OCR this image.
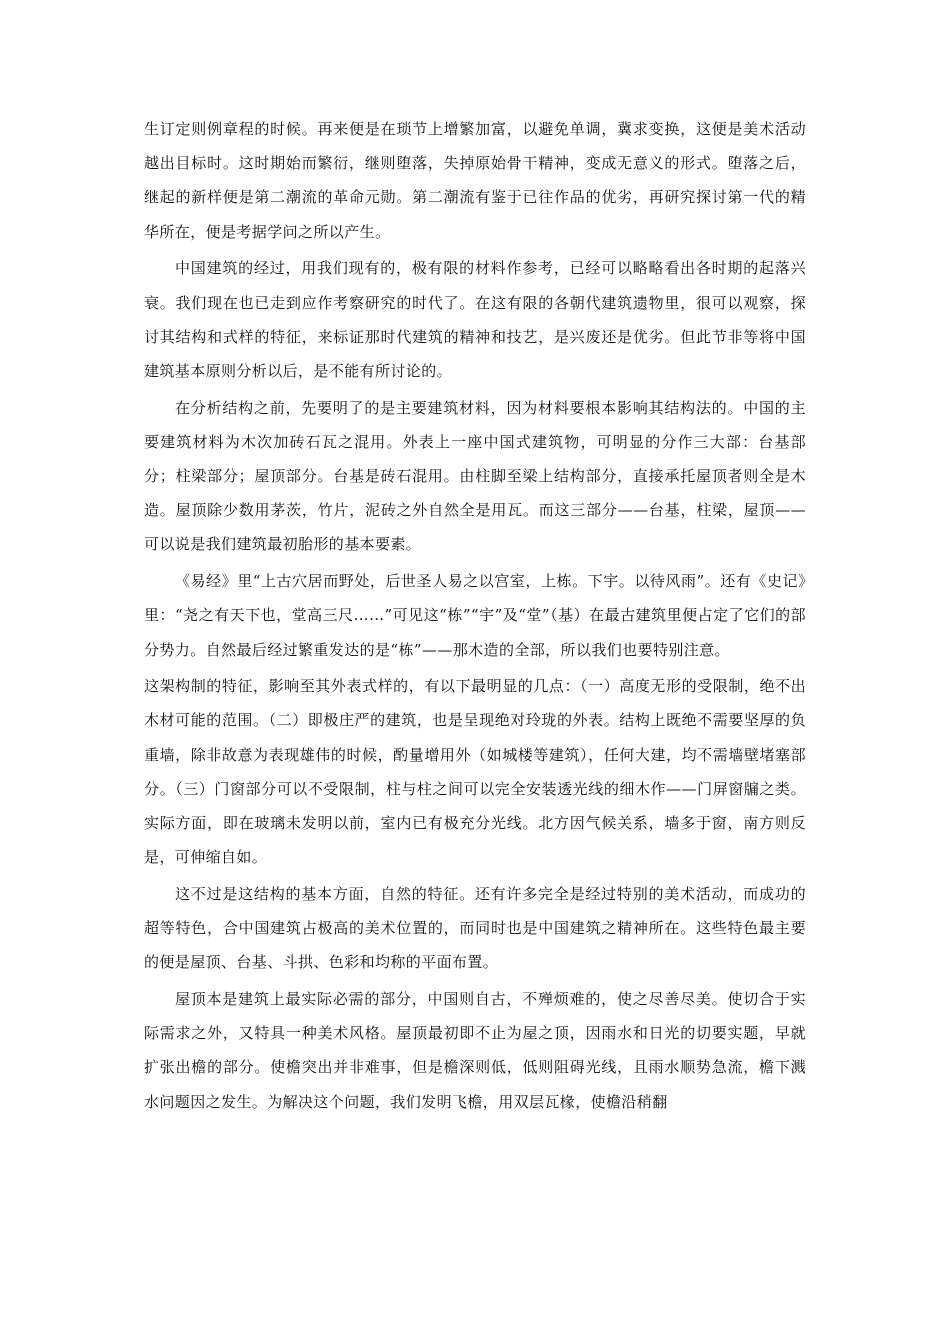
生订定则例章程的时候。再来便是在琐节上增繁加富，以避免单调，冀求变换，这便是美术活动越出目标时。这时期始而繁衍，继则堕落，失掉原始骨干精神，变成无意义的形式。堕落之后，继起的新样便是第二潮流的革命元勋。第二潮流有鉴于已往作品的优劣，再研究探讨第一代的精华所在，便是考据学问之所以产生。

中国建筑的经过，用我们现有的，极有限的材料作参考，已经可以略略看出各时期的起落兴衰。我们现在也已走到应作考察研究的时代了。在这有限的各朝代建筑遗物里，很可以观察，探讨其结构和式样的特征，来标证那时代建筑的精神和技艺，是兴废还是优劣。但此节非等将中国建筑基本原则分析以后，是不能有所讨论的。

在分析结构之前，先要明了的是主要建筑材料，因为材料要根本影响其结构法的。中国的主要建筑材料为木次加砖石瓦之混用。外表上一座中国式建筑物，可明显的分作三大部：台基部分；柱梁部分；屋顶部分。台基是砖石混用。由柱脚至梁上结构部分，直接承托屋顶者则全是木造。屋顶除少数用茅茨，竹片，泥砖之外自然全是用瓦。而这三部分——台基，柱梁，屋顶——可以说是我们建筑最初胎形的基本要素。

《易经》里“上古穴居而野处，后世圣人易之以宫室，上栋。下宇。以待风雨”。还有《史记》里：“尧之有天下也，堂高三尺……”可见这“栋”“宇”及“堂”（基）在最古建筑里便占定了它们的部分势力。自然最后经过繁重发达的是“栋”——那木造的全部，所以我们也要特别注意。

这架构制的特征，影响至其外表式样的，有以下最明显的几点：（一）高度无形的受限制，绝不出木材可能的范围。（二）即极庄严的建筑，也是呈现绝对玲珑的外表。结构上既绝不需要坚厚的负重墙，除非故意为表现雄伟的时候，酌量增用外（如城楼等建筑），任何大建，均不需墙壁堵塞部分。（三）门窗部分可以不受限制，柱与柱之间可以完全安装透光线的细木作——门屏窗牖之类。实际方面，即在玻璃未发明以前，室内已有极充分光线。北方因气候关系，墙多于窗，南方则反是，可伸缩自如。

这不过是这结构的基本方面，自然的特征。还有许多完全是经过特别的美术活动，而成功的超等特色，合中国建筑占极高的美术位置的，而同时也是中国建筑之精神所在。这些特色最主要的便是屋顶、台基、斗拱、色彩和均称的平面布置。

屋顶本是建筑上最实际必需的部分，中国则自古，不殚烦难的，使之尽善尽美。使切合于实际需求之外，又特具一种美术风格。屋顶最初即不止为屋之顶，因雨水和日光的切要实题，早就扩张出檐的部分。使檐突出并非难事，但是檐深则低，低则阻碍光线，且雨水顺势急流，檐下溅水问题因之发生。为解决这个问题，我们发明飞檐，用双层瓦椽，使檐沿稍翻
